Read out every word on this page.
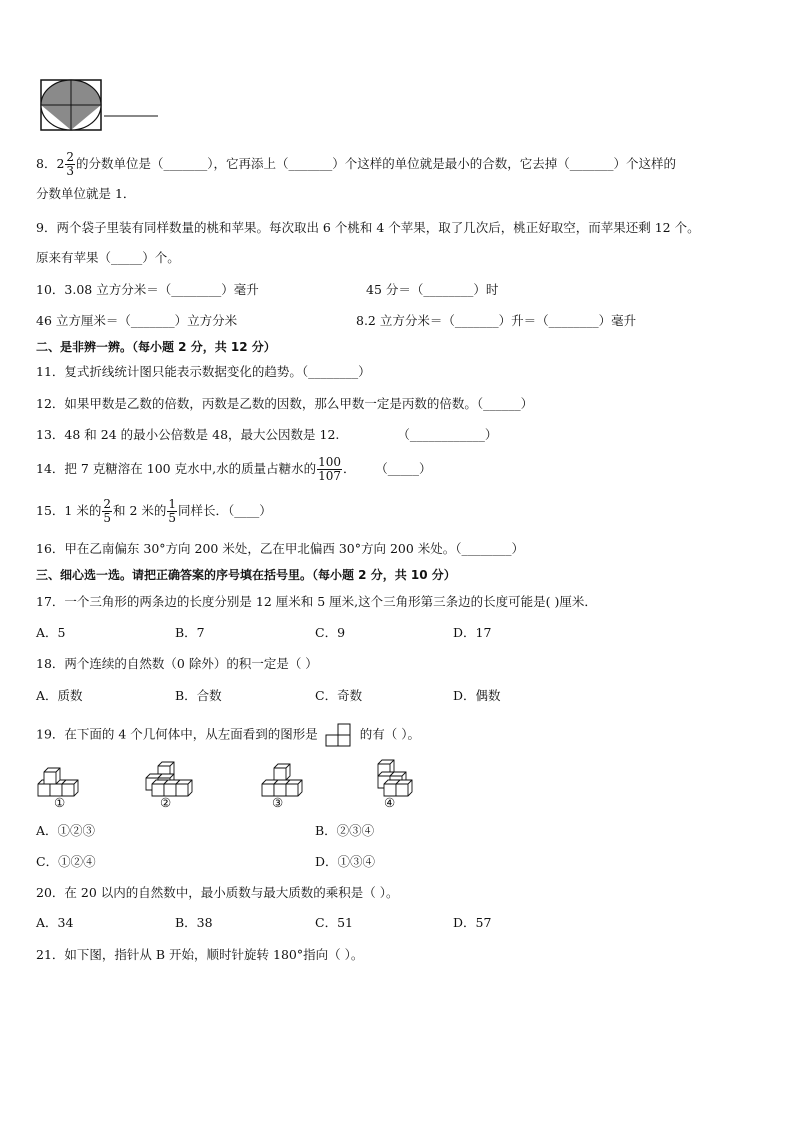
8．$2 \frac{2}{3}$ 的分数单位是（_______），它再添上（_______）个这样的单位就是最小的合数，它去掉（_______）个这样的
分数单位就是 1．
9．两个袋子里装有同样数量的桃和苹果。每次取出 6 个桃和 4 个苹果，取了几次后，桃正好取空，而苹果还剩 12 个。
原来有苹果（_____）个。
10．3.08 立方分米＝（________）毫升	45 分＝（________）时
46 立方厘米＝（_______）立方分米	8.2 立方分米＝（_______）升＝（________）毫升
二、是非辨一辨。（每小题 2 分，共 12 分）
11．复式折线统计图只能表示数据变化的趋势。（________）
12．如果甲数是乙数的倍数，丙数是乙数的因数，那么甲数一定是丙数的倍数。（______）
13．48 和 24 的最小公倍数是 48，最大公因数是 12.	（____________）
14．把 7 克糖溶在 100 克水中,水的质量占糖水的 $\frac{100}{107}$ ． （_____）
15．1 米的 $\frac{2}{5}$ 和 2 米的 $\frac{1}{5}$ 同样长．（____）
16．甲在乙南偏东 30°方向 200 米处，乙在甲北偏西 30°方向 200 米处。（________）
三、细心选一选。请把正确答案的序号填在括号里。（每小题 2 分，共 10 分）
17．一个三角形的两条边的长度分别是 12 厘米和 5 厘米,这个三角形第三条边的长度可能是( )厘米．
A．5	B．7	C．9	D．17
18．两个连续的自然数（0 除外）的积一定是（ ）
A．质数	B．合数	C．奇数	D．偶数
19．在下面的 4 个几何体中，从左面看到的图形是	的有（ ）。
①	②	③	④
A．①②③	B．②③④
C．①②④	D．①③④
20．在 20 以内的自然数中，最小质数与最大质数的乘积是（ ）。
A．34	B．38	C．51	D．57
21．如下图，指针从 B 开始，顺时针旋转 180°指向（ ）。
